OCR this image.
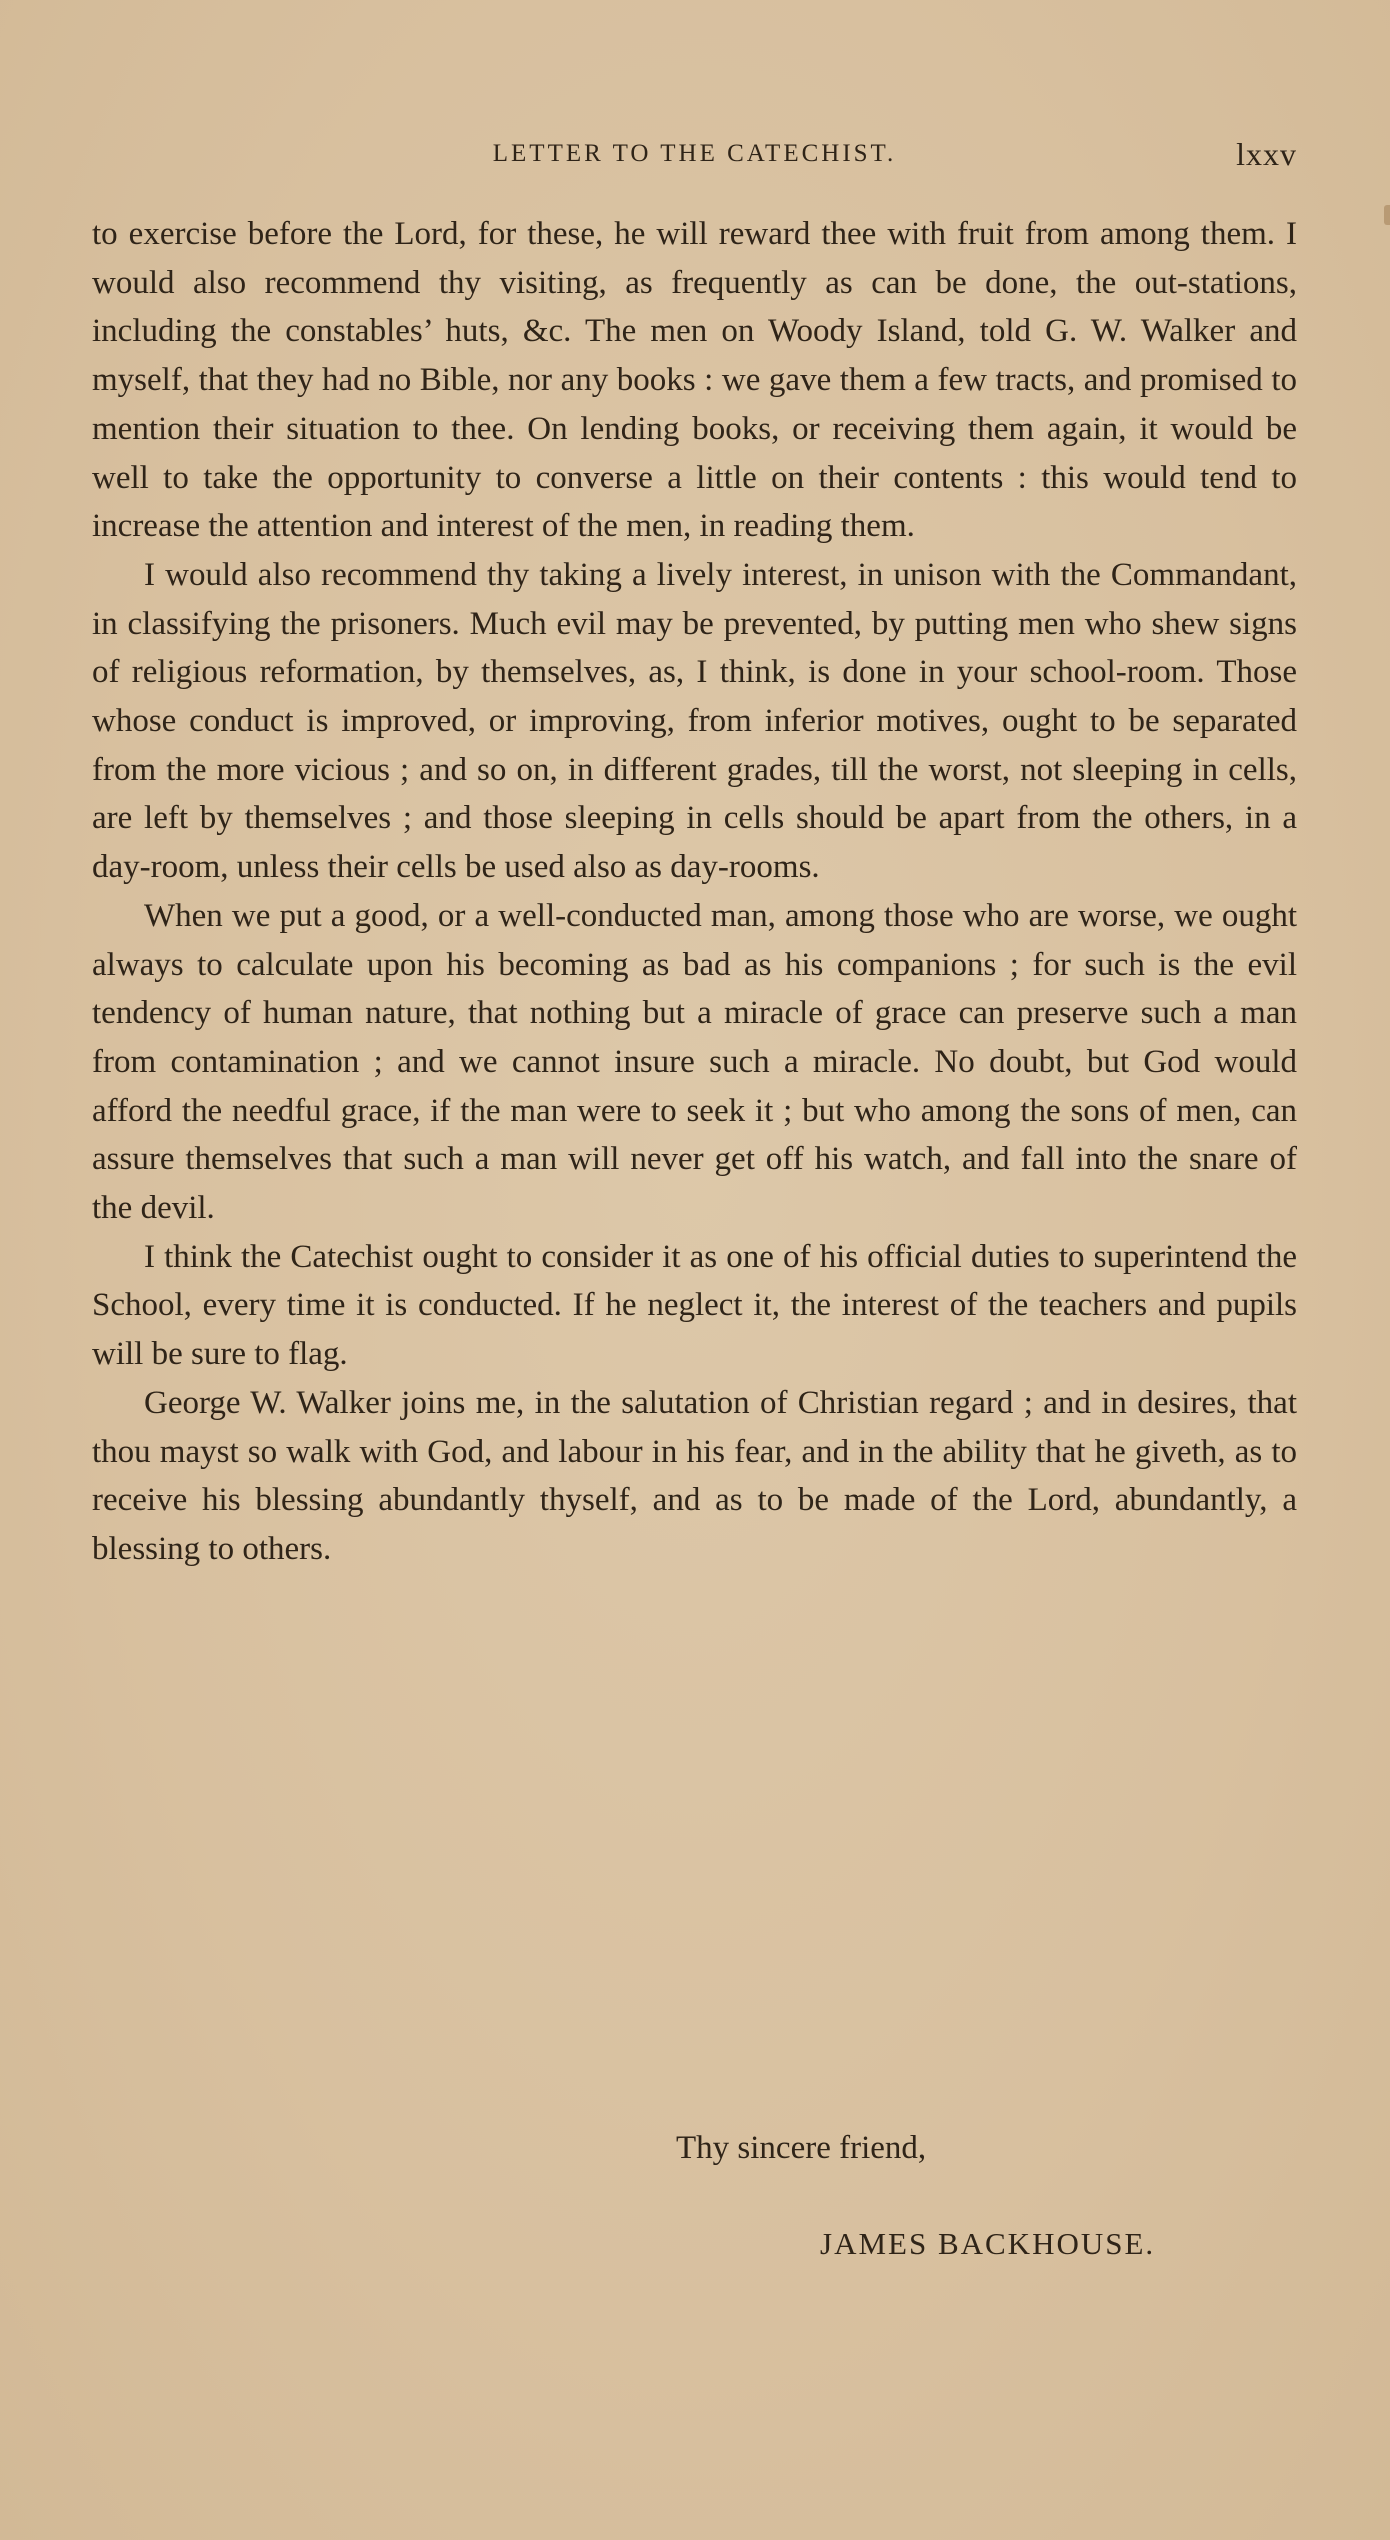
LETTER TO THE CATECHIST.	lxxv

to exercise before the Lord, for these, he will reward thee with fruit from among them. I would also recommend thy visiting, as frequently as can be done, the out-stations, including the constables’ huts, &c. The men on Woody Island, told G. W. Walker and myself, that they had no Bible, nor any books : we gave them a few tracts, and promised to mention their situation to thee. On lending books, or receiving them again, it would be well to take the opportunity to converse a little on their contents : this would tend to increase the attention and interest of the men, in reading them.

I would also recommend thy taking a lively interest, in unison with the Commandant, in classifying the prisoners. Much evil may be prevented, by putting men who shew signs of religious reformation, by themselves, as, I think, is done in your school-room. Those whose conduct is improved, or improving, from inferior motives, ought to be separated from the more vicious ; and so on, in different grades, till the worst, not sleeping in cells, are left by themselves ; and those sleeping in cells should be apart from the others, in a day-room, unless their cells be used also as day-rooms.

When we put a good, or a well-conducted man, among those who are worse, we ought always to calculate upon his becoming as bad as his companions ; for such is the evil tendency of human nature, that nothing but a miracle of grace can preserve such a man from contamination ; and we cannot insure such a miracle. No doubt, but God would afford the needful grace, if the man were to seek it ; but who among the sons of men, can assure themselves that such a man will never get off his watch, and fall into the snare of the devil.

I think the Catechist ought to consider it as one of his official duties to superintend the School, every time it is conducted. If he neglect it, the interest of the teachers and pupils will be sure to flag.

George W. Walker joins me, in the salutation of Christian regard ; and in desires, that thou mayst so walk with God, and labour in his fear, and in the ability that he giveth, as to receive his blessing abundantly thyself, and as to be made of the Lord, abundantly, a blessing to others.

Thy sincere friend,
JAMES BACKHOUSE.
